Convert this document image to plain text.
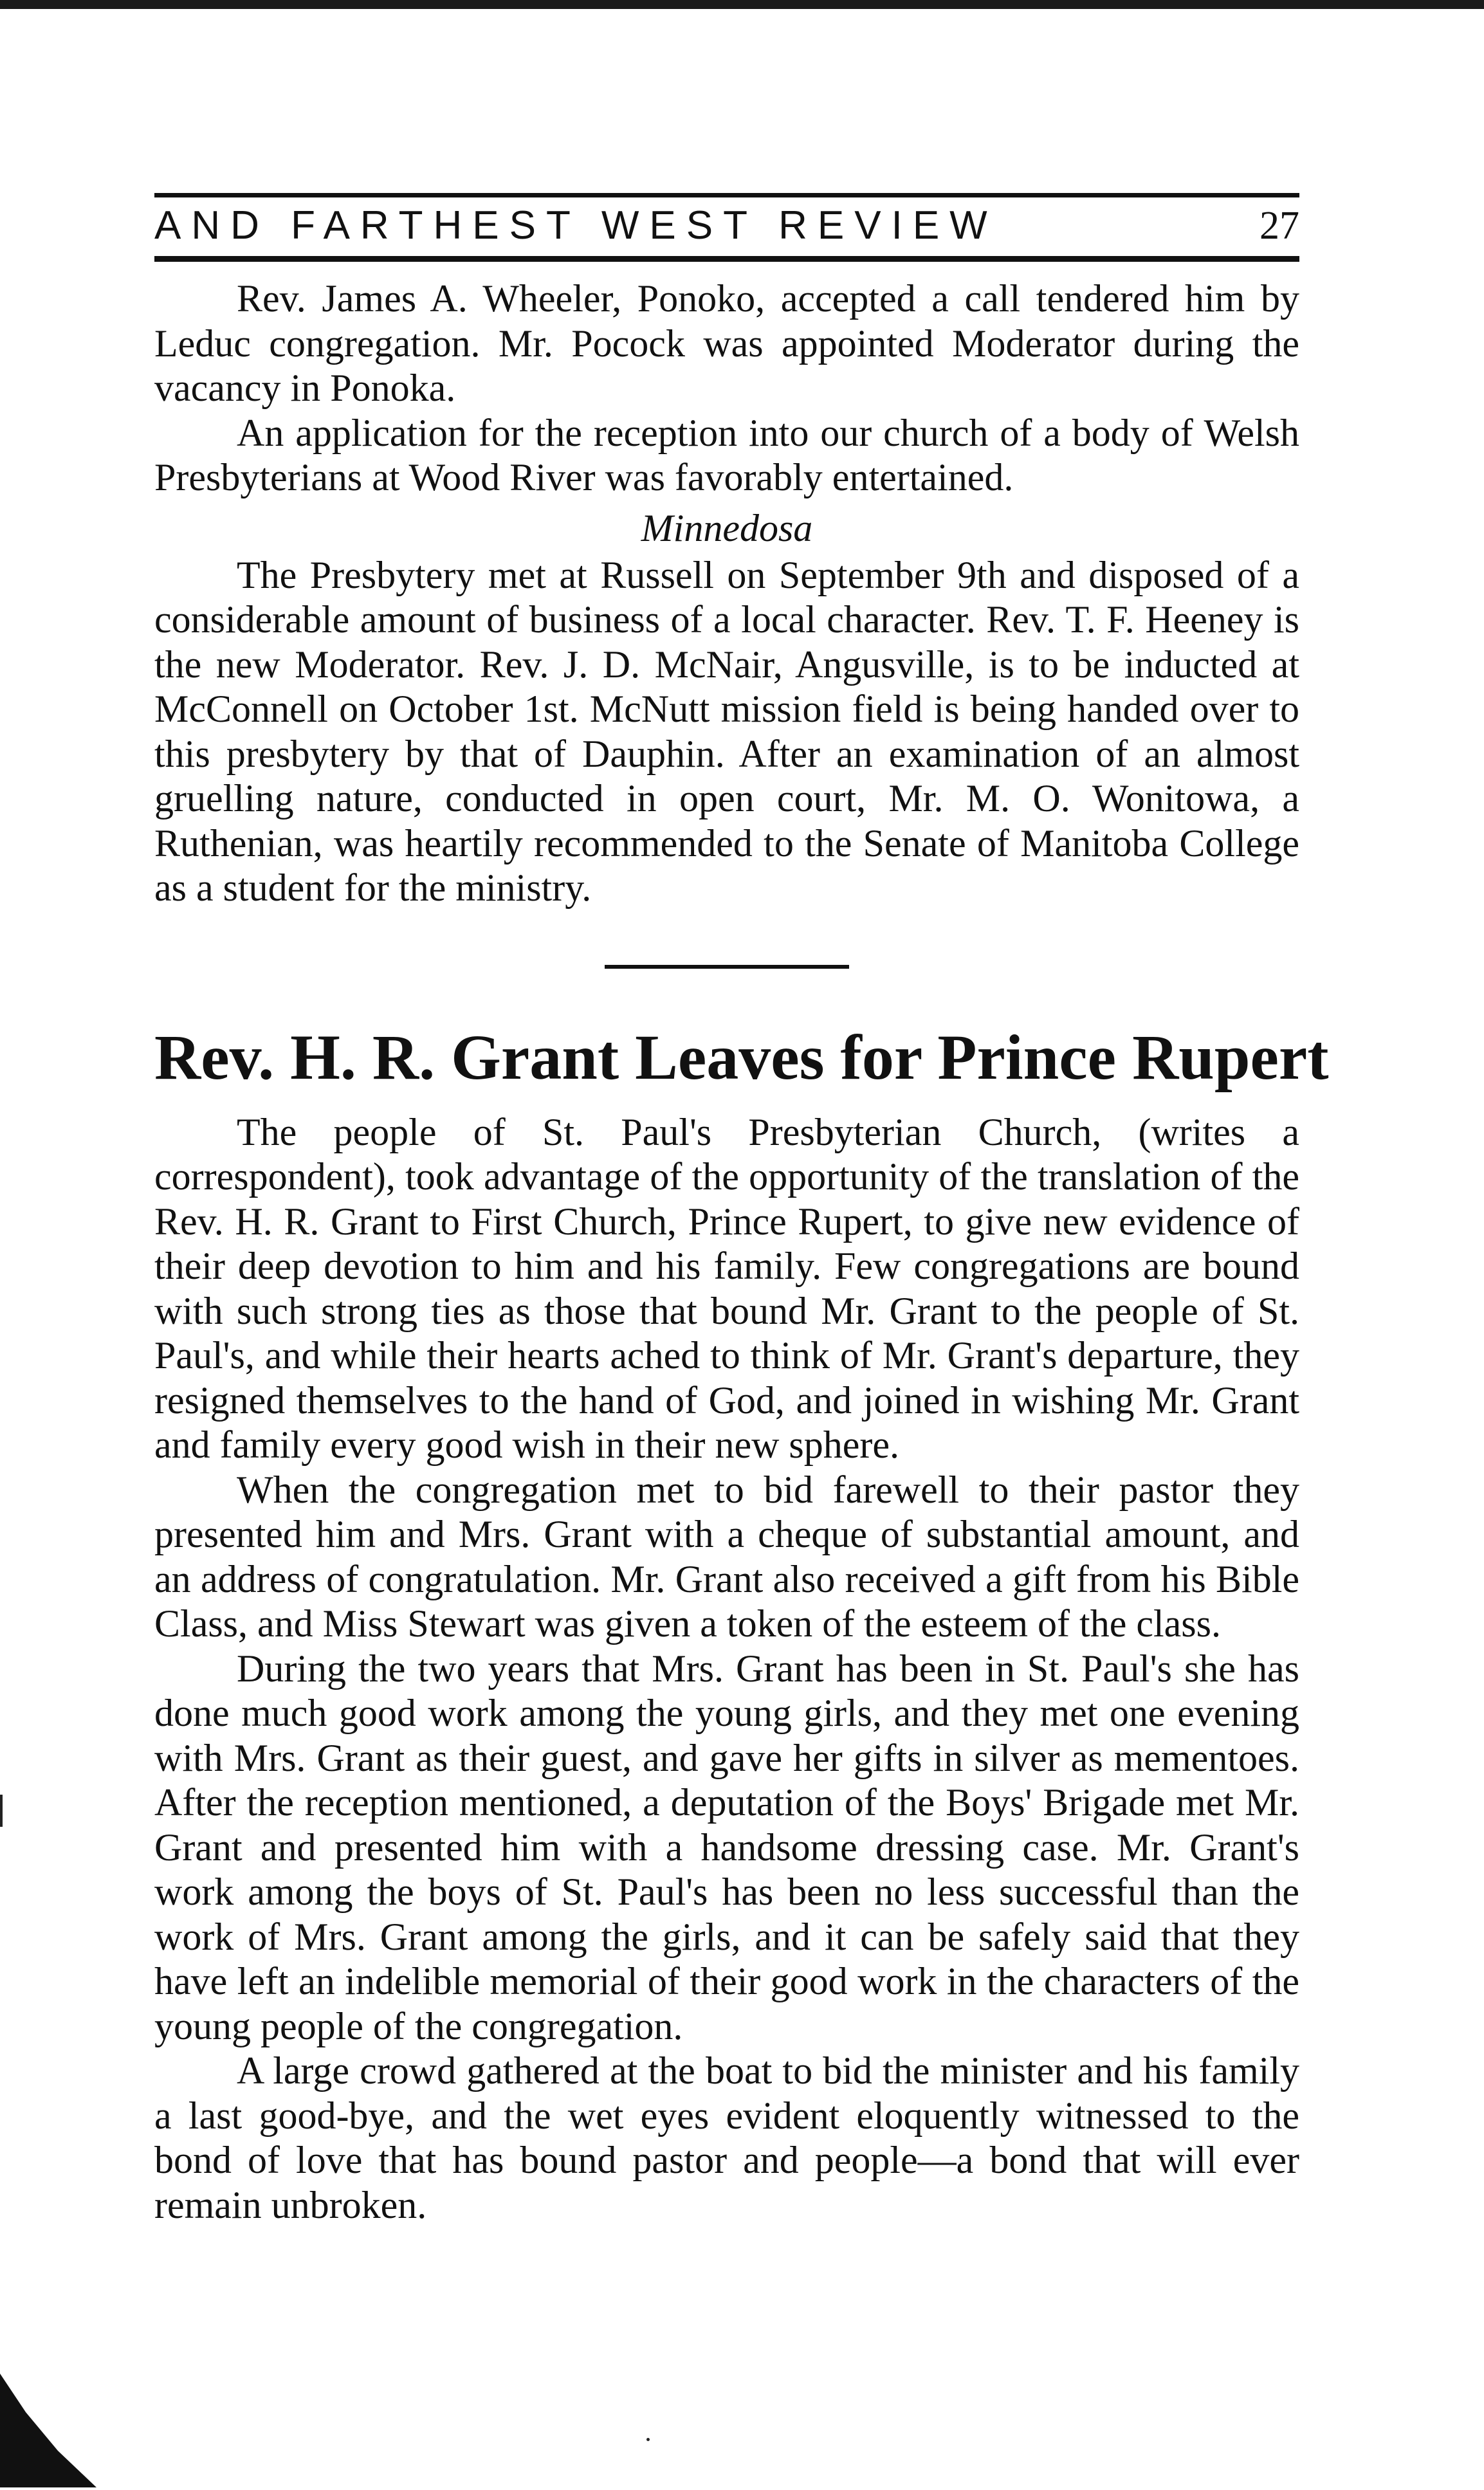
AND FARTHEST WEST REVIEW	27

Rev. James A. Wheeler, Ponoko, accepted a call tendered him by Leduc congregation. Mr. Pocock was appointed Moderator during the vacancy in Ponoka.

An application for the reception into our church of a body of Welsh Presbyterians at Wood River was favorably entertained.

Minnedosa

The Presbytery met at Russell on September 9th and disposed of a considerable amount of business of a local character. Rev. T. F. Heeney is the new Moderator. Rev. J. D. McNair, Angusville, is to be inducted at McConnell on October 1st. McNutt mission field is being handed over to this presbytery by that of Dauphin. After an examination of an almost gruelling nature, conducted in open court, Mr. M. O. Wonitowa, a Ruthenian, was heartily recommended to the Senate of Manitoba College as a student for the ministry.

Rev. H. R. Grant Leaves for Prince Rupert

The people of St. Paul's Presbyterian Church, (writes a correspondent), took advantage of the opportunity of the translation of the Rev. H. R. Grant to First Church, Prince Rupert, to give new evidence of their deep devotion to him and his family. Few congregations are bound with such strong ties as those that bound Mr. Grant to the people of St. Paul's, and while their hearts ached to think of Mr. Grant's departure, they resigned themselves to the hand of God, and joined in wishing Mr. Grant and family every good wish in their new sphere.

When the congregation met to bid farewell to their pastor they presented him and Mrs. Grant with a cheque of substantial amount, and an address of congratulation. Mr. Grant also received a gift from his Bible Class, and Miss Stewart was given a token of the esteem of the class.

During the two years that Mrs. Grant has been in St. Paul's she has done much good work among the young girls, and they met one evening with Mrs. Grant as their guest, and gave her gifts in silver as mementoes. After the reception mentioned, a deputation of the Boys' Brigade met Mr. Grant and presented him with a handsome dressing case. Mr. Grant's work among the boys of St. Paul's has been no less successful than the work of Mrs. Grant among the girls, and it can be safely said that they have left an indelible memorial of their good work in the characters of the young people of the congregation.

A large crowd gathered at the boat to bid the minister and his family a last good-bye, and the wet eyes evident eloquently witnessed to the bond of love that has bound pastor and people—a bond that will ever remain unbroken.
